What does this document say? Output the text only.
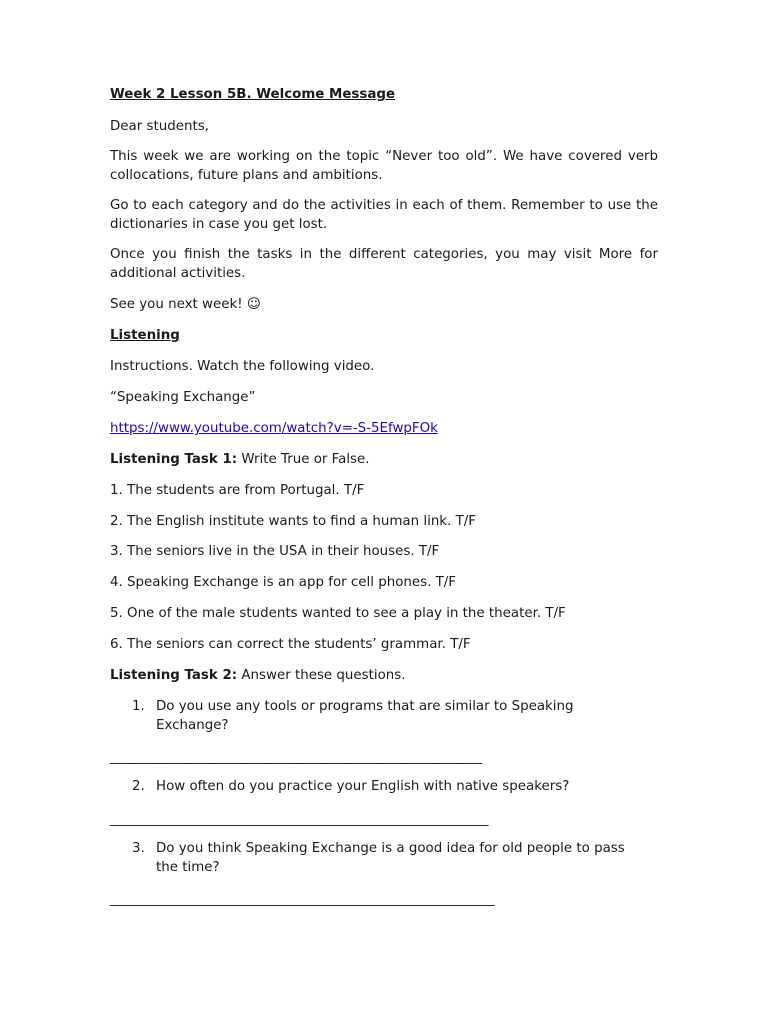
Week 2 Lesson 5B. Welcome Message
Dear students,
This week we are working on the topic “Never too old”. We have covered verb collocations, future plans and ambitions.
Go to each category and do the activities in each of them. Remember to use the dictionaries in case you get lost.
Once you finish the tasks in the different categories, you may visit More for additional activities.
See you next week! ☺
Listening
Instructions. Watch the following video.
“Speaking Exchange”
https://www.youtube.com/watch?v=-S-5EfwpFOk
Listening Task 1: Write True or False.
1. The students are from Portugal. T/F
2. The English institute wants to find a human link. T/F
3. The seniors live in the USA in their houses. T/F
4. Speaking Exchange is an app for cell phones. T/F
5. One of the male students wanted to see a play in the theater. T/F
6. The seniors can correct the students’ grammar. T/F
Listening Task 2: Answer these questions.
1. Do you use any tools or programs that are similar to Speaking Exchange?
____________________________________________________________
2. How often do you practice your English with native speakers?
_____________________________________________________________
3. Do you think Speaking Exchange is a good idea for old people to pass the time?
______________________________________________________________
